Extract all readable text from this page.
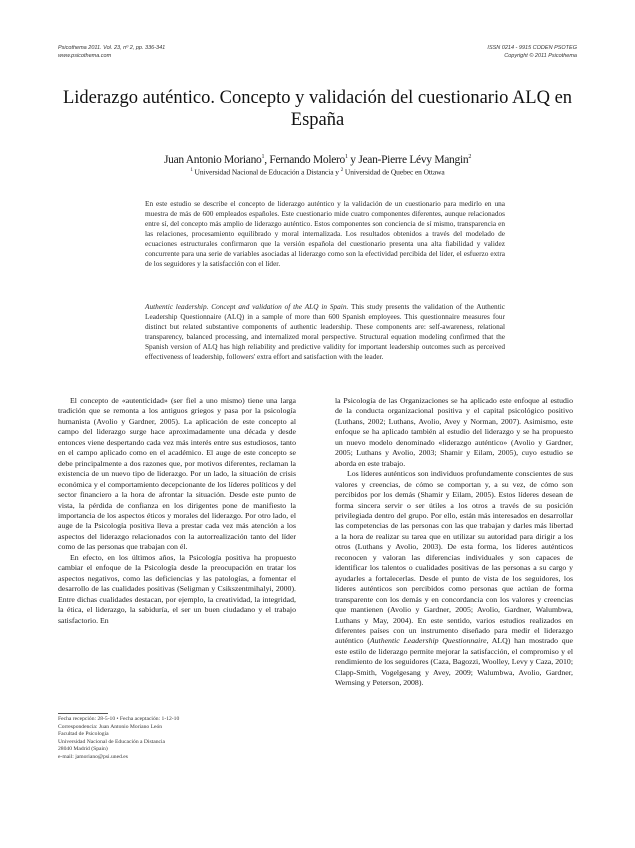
Psicothema 2011. Vol. 23, nº 2, pp. 336-341
www.psicothema.com
ISSN 0214 - 9915 CODEN PSOTEG
Copyright © 2011 Psicothema
Liderazgo auténtico. Concepto y validación del cuestionario ALQ en España
Juan Antonio Moriano$^1$, Fernando Molero$^1$ y Jean-Pierre Lévy Mangin$^2$
$^1$ Universidad Nacional de Educación a Distancia y $^2$ Universidad de Quebec en Ottawa
En este estudio se describe el concepto de liderazgo auténtico y la validación de un cuestionario para medirlo en una muestra de más de 600 empleados españoles. Este cuestionario mide cuatro componentes diferentes, aunque relacionados entre sí, del concepto más amplio de liderazgo auténtico. Estos componentes son conciencia de sí mismo, transparencia en las relaciones, procesamiento equilibrado y moral internalizada. Los resultados obtenidos a través del modelado de ecuaciones estructurales confirmaron que la versión española del cuestionario presenta una alta fiabilidad y validez concurrente para una serie de variables asociadas al liderazgo como son la efectividad percibida del líder, el esfuerzo extra de los seguidores y la satisfacción con el líder.
Authentic leadership. Concept and validation of the ALQ in Spain. This study presents the validation of the Authentic Leadership Questionnaire (ALQ) in a sample of more than 600 Spanish employees. This questionnaire measures four distinct but related substantive components of authentic leadership. These components are: self-awareness, relational transparency, balanced processing, and internalized moral perspective. Structural equation modeling confirmed that the Spanish version of ALQ has high reliability and predictive validity for important leadership outcomes such as perceived effectiveness of leadership, followers' extra effort and satisfaction with the leader.

El concepto de «autenticidad» (ser fiel a uno mismo) tiene una larga tradición que se remonta a los antiguos griegos y pasa por la psicología humanista (Avolio y Gardner, 2005). La aplicación de este concepto al campo del liderazgo surge hace aproximadamente una década y desde entonces viene despertando cada vez más interés entre sus estudiosos, tanto en el campo aplicado como en el académico. El auge de este concepto se debe principalmente a dos razones que, por motivos diferentes, reclaman la existencia de un nuevo tipo de liderazgo. Por un lado, la situación de crisis económica y el comportamiento decepcionante de los líderes políticos y del sector financiero a la hora de afrontar la situación. Desde este punto de vista, la pérdida de confianza en los dirigentes pone de manifiesto la importancia de los aspectos éticos y morales del liderazgo. Por otro lado, el auge de la Psicología positiva lleva a prestar cada vez más atención a los aspectos del liderazgo relacionados con la autorrealización tanto del líder como de las personas que trabajan con él.

En efecto, en los últimos años, la Psicología positiva ha propuesto cambiar el enfoque de la Psicología desde la preocupación en tratar los aspectos negativos, como las deficiencias y las patologías, a fomentar el desarrollo de las cualidades positivas (Seligman y Csikszentmihalyi, 2000). Entre dichas cualidades destacan, por ejemplo, la creatividad, la integridad, la ética, el liderazgo, la sabiduría, el ser un buen ciudadano y el trabajo satisfactorio. En

la Psicología de las Organizaciones se ha aplicado este enfoque al estudio de la conducta organizacional positiva y el capital psicológico positivo (Luthans, 2002; Luthans, Avolio, Avey y Norman, 2007). Asimismo, este enfoque se ha aplicado también al estudio del liderazgo y se ha propuesto un nuevo modelo denominado «liderazgo auténtico» (Avolio y Gardner, 2005; Luthans y Avolio, 2003; Shamir y Eilam, 2005), cuyo estudio se aborda en este trabajo.

Los líderes auténticos son individuos profundamente conscientes de sus valores y creencias, de cómo se comportan y, a su vez, de cómo son percibidos por los demás (Shamir y Eilam, 2005). Estos líderes desean de forma sincera servir o ser útiles a los otros a través de su posición privilegiada dentro del grupo. Por ello, están más interesados en desarrollar las competencias de las personas con las que trabajan y darles más libertad a la hora de realizar su tarea que en utilizar su autoridad para dirigir a los otros (Luthans y Avolio, 2003). De esta forma, los líderes auténticos reconocen y valoran las diferencias individuales y son capaces de identificar los talentos o cualidades positivas de las personas a su cargo y ayudarles a fortalecerlas. Desde el punto de vista de los seguidores, los líderes auténticos son percibidos como personas que actúan de forma transparente con los demás y en concordancia con los valores y creencias que mantienen (Avolio y Gardner, 2005; Avolio, Gardner, Walumbwa, Luthans y May, 2004). En este sentido, varios estudios realizados en diferentes países con un instrumento diseñado para medir el liderazgo auténtico (Authentic Leadership Questionnaire, ALQ) han mostrado que este estilo de liderazgo permite mejorar la satisfacción, el compromiso y el rendimiento de los seguidores (Caza, Bagozzi, Woolley, Levy y Caza, 2010; Clapp-Smith, Vogelgesang y Avey, 2009; Walumbwa, Avolio, Gardner, Wernsing y Peterson, 2008).

Fecha recepción: 28-5-10 • Fecha aceptación: 1-12-10
Correspondencia: Juan Antonio Moriano León
Facultad de Psicología
Universidad Nacional de Educación a Distancia
28040 Madrid (Spain)
e-mail: jamoriano@psi.uned.es
